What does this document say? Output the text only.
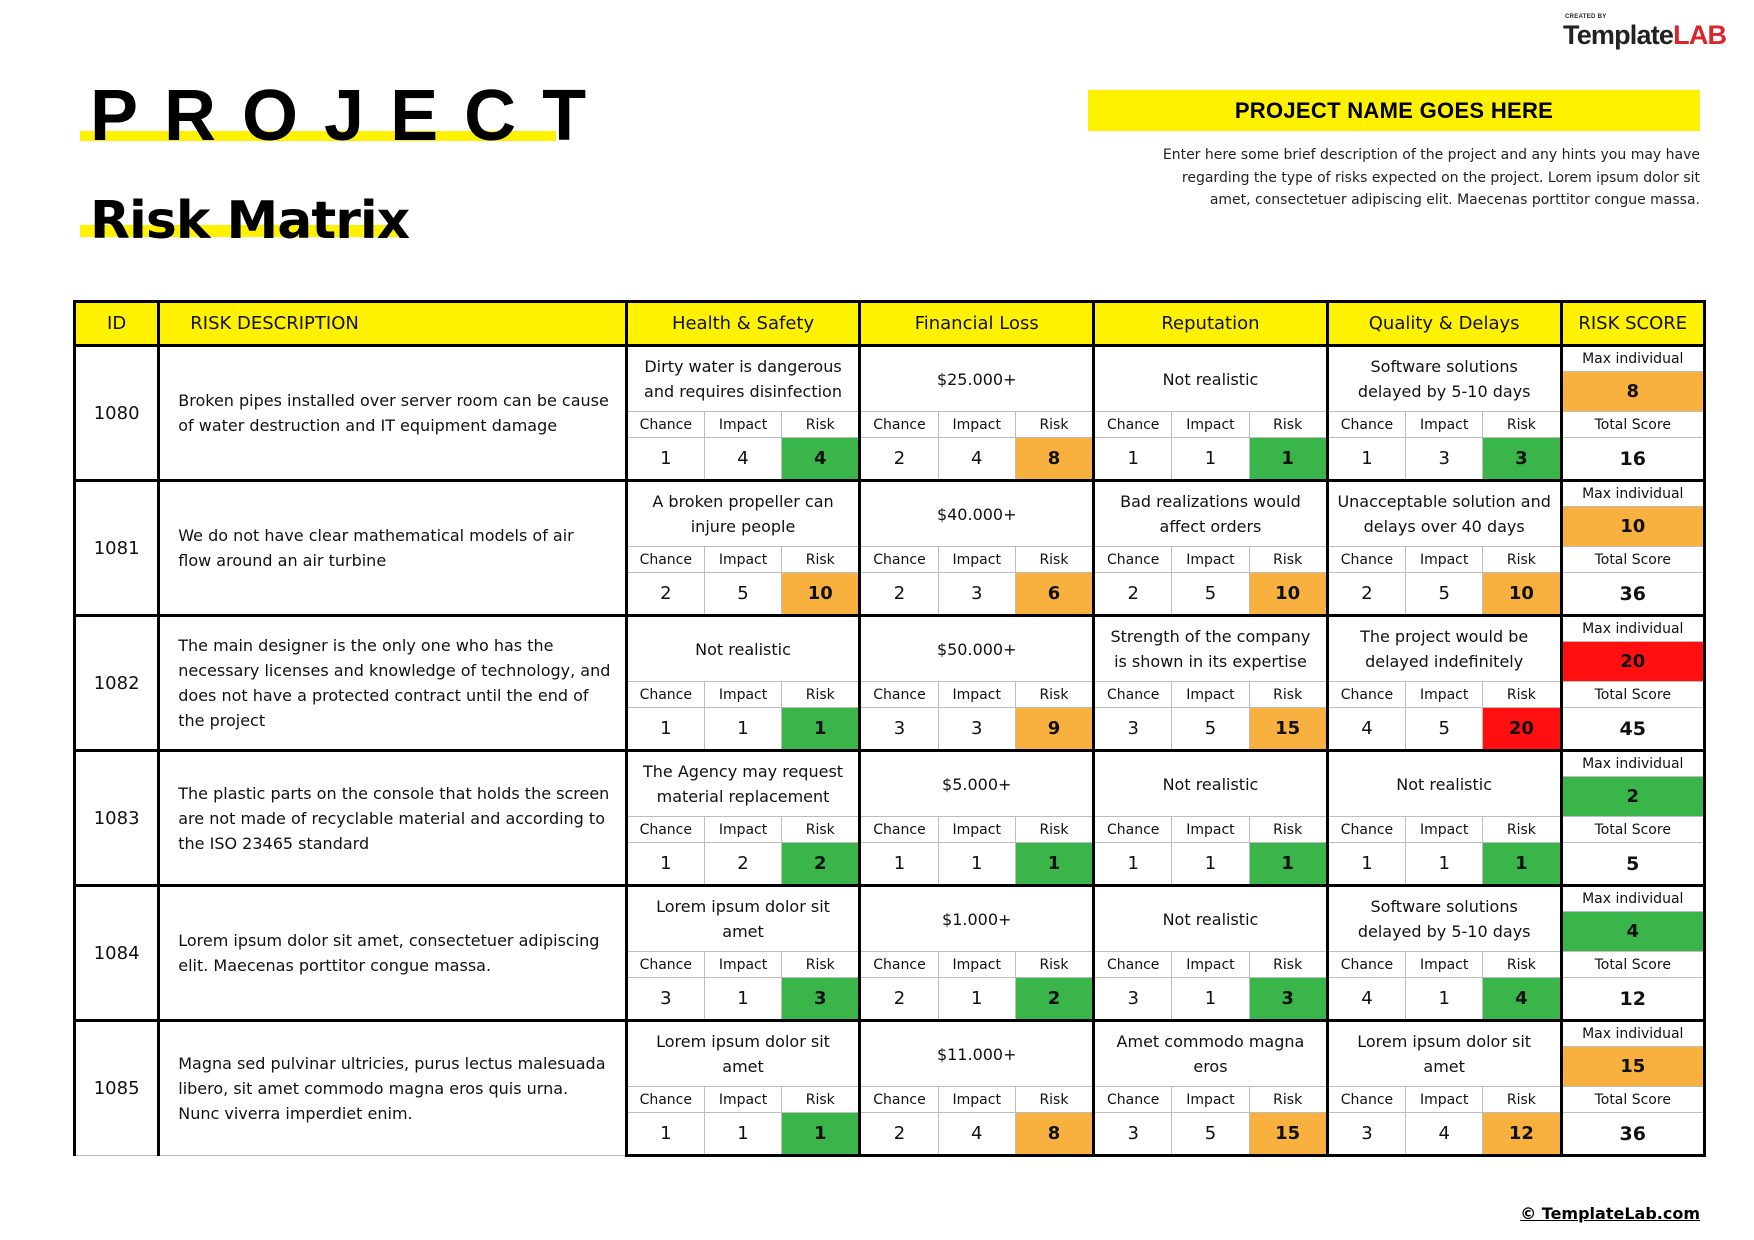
CREATED BY
TemplateLAB
PROJECT
Risk Matrix
PROJECT NAME GOES HERE
Enter here some brief description of the project and any hints you may have
regarding the type of risks expected on the project. Lorem ipsum dolor sit
amet, consectetuer adipiscing elit. Maecenas porttitor congue massa.
ID	RISK DESCRIPTION	Health & Safety			Financial Loss			Reputation			Quality & Delays			RISK SCORE
1080	Broken pipes installed over server room can be cause of water destruction and IT equipment damage	Dirty water is dangerous and requires disinfection			$25.000+			Not realistic			Software solutions delayed by 5-10 days			Max individual
														8
		Chance	Impact	Risk	Chance	Impact	Risk	Chance	Impact	Risk	Chance	Impact	Risk	Total Score
		1	4	4	2	4	8	1	1	1	1	3	3	16
1081	We do not have clear mathematical models of air flow around an air turbine	A broken propeller can injure people			$40.000+			Bad realizations would affect orders			Unacceptable solution and delays over 40 days			Max individual
														10
		Chance	Impact	Risk	Chance	Impact	Risk	Chance	Impact	Risk	Chance	Impact	Risk	Total Score
		2	5	10	2	3	6	2	5	10	2	5	10	36
1082	The main designer is the only one who has the necessary licenses and knowledge of technology, and does not have a protected contract until the end of the project	Not realistic			$50.000+			Strength of the company is shown in its expertise			The project would be delayed indefinitely			Max individual
														20
		Chance	Impact	Risk	Chance	Impact	Risk	Chance	Impact	Risk	Chance	Impact	Risk	Total Score
		1	1	1	3	3	9	3	5	15	4	5	20	45
1083	The plastic parts on the console that holds the screen are not made of recyclable material and according to the ISO 23465 standard	The Agency may request material replacement			$5.000+			Not realistic			Not realistic			Max individual
														2
		Chance	Impact	Risk	Chance	Impact	Risk	Chance	Impact	Risk	Chance	Impact	Risk	Total Score
		1	2	2	1	1	1	1	1	1	1	1	1	5
1084	Lorem ipsum dolor sit amet, consectetuer adipiscing elit. Maecenas porttitor congue massa.	Lorem ipsum dolor sit amet			$1.000+			Not realistic			Software solutions delayed by 5-10 days			Max individual
														4
		Chance	Impact	Risk	Chance	Impact	Risk	Chance	Impact	Risk	Chance	Impact	Risk	Total Score
		3	1	3	2	1	2	3	1	3	4	1	4	12
1085	Magna sed pulvinar ultricies, purus lectus malesuada libero, sit amet commodo magna eros quis urna. Nunc viverra imperdiet enim.	Lorem ipsum dolor sit amet			$11.000+			Amet commodo magna eros			Lorem ipsum dolor sit amet			Max individual
														15
		Chance	Impact	Risk	Chance	Impact	Risk	Chance	Impact	Risk	Chance	Impact	Risk	Total Score
		1	1	1	2	4	8	3	5	15	3	4	12	36
© TemplateLab.com
